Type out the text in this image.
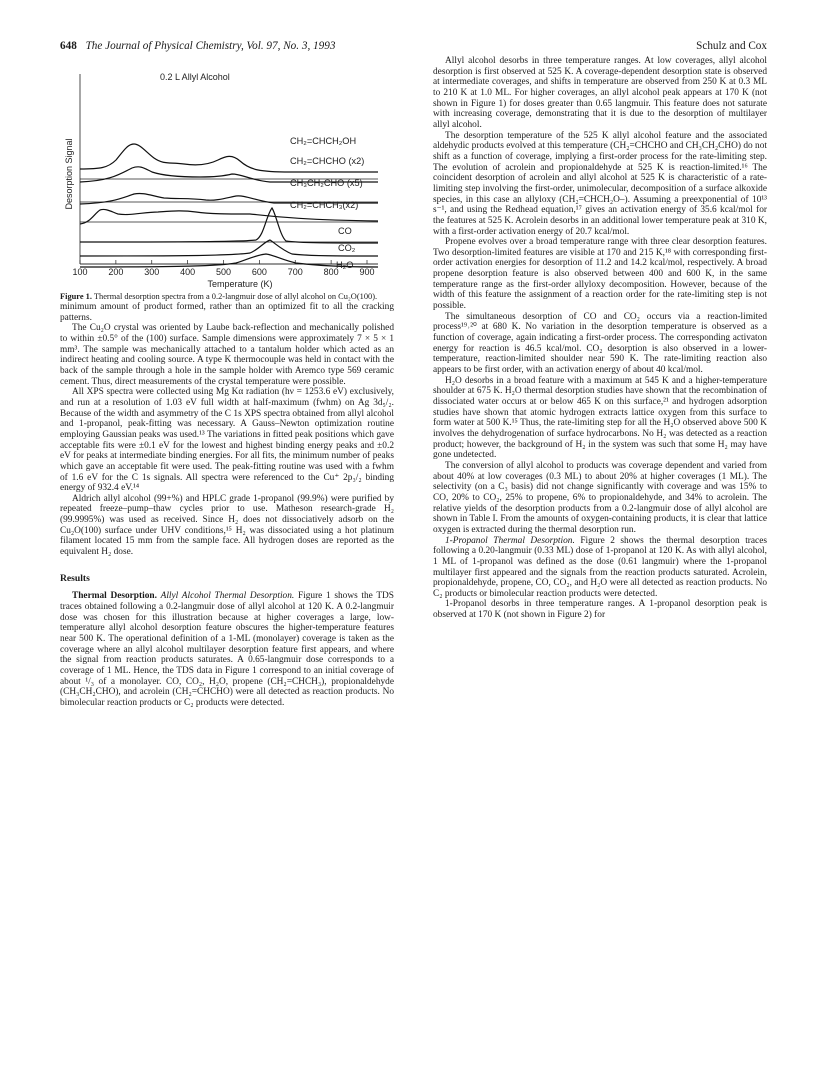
648 The Journal of Physical Chemistry, Vol. 97, No. 3, 1993	Schulz and Cox
100 200 300 400 500 600 700 800 900
Temperature (K)
Desorption Signal
0.2 L Allyl Alcohol
CH₂=CHCH₂OH
CH₂=CHCHO (x2)
CH₃CH₂CHO (x5)
CH₂=CHCH₃(x2)
CO
CO₂
H₂O

Figure 1. Thermal desorption spectra from a 0.2-langmuir dose of allyl alcohol on Cu₂O(100).

minimum amount of product formed, rather than an optimized fit to all the cracking patterns.

The Cu₂O crystal was oriented by Laube back-reflection and mechanically polished to within ±0.5° of the (100) surface. Sample dimensions were approximately 7 × 5 × 1 mm³. The sample was mechanically attached to a tantalum holder which acted as an indirect heating and cooling source. A type K thermocouple was held in contact with the back of the sample through a hole in the sample holder with Aremco type 569 ceramic cement. Thus, direct measurements of the crystal temperature were possible.

All XPS spectra were collected using Mg Kα radiation (hν = 1253.6 eV) exclusively, and run at a resolution of 1.03 eV full width at half-maximum (fwhm) on Ag 3d₅/₂. Because of the width and asymmetry of the C 1s XPS spectra obtained from allyl alcohol and 1-propanol, peak-fitting was necessary. A Gauss–Newton optimization routine employing Gaussian peaks was used.¹³ The variations in fitted peak positions which gave acceptable fits were ±0.1 eV for the lowest and highest binding energy peaks and ±0.2 eV for peaks at intermediate binding energies. For all fits, the minimum number of peaks which gave an acceptable fit were used. The peak-fitting routine was used with a fwhm of 1.6 eV for the C 1s signals. All spectra were referenced to the Cu⁺ 2p₃/₂ binding energy of 932.4 eV.¹⁴

Aldrich allyl alcohol (99+%) and HPLC grade 1-propanol (99.9%) were purified by repeated freeze–pump–thaw cycles prior to use. Matheson research-grade H₂ (99.9995%) was used as received. Since H₂ does not dissociatively adsorb on the Cu₂O(100) surface under UHV conditions,¹⁵ H₂ was dissociated using a hot platinum filament located 15 mm from the sample face. All hydrogen doses are reported as the equivalent H₂ dose.

Results

Thermal Desorption. Allyl Alcohol Thermal Desorption. Figure 1 shows the TDS traces obtained following a 0.2-langmuir dose of allyl alcohol at 120 K. A 0.2-langmuir dose was chosen for this illustration because at higher coverages a large, low-temperature allyl alcohol desorption feature obscures the higher-temperature features near 500 K. The operational definition of a 1-ML (monolayer) coverage is taken as the coverage where an allyl alcohol multilayer desorption feature first appears, and where the signal from reaction products saturates. A 0.65-langmuir dose corresponds to a coverage of 1 ML. Hence, the TDS data in Figure 1 correspond to an initial coverage of about ¹/₃ of a monolayer. CO, CO₂, H₂O, propene (CH₂=CHCH₃), propionaldehyde (CH₃CH₂CHO), and acrolein (CH₂=CHCHO) were all detected as reaction products. No bimolecular reaction products or C₂ products were detected.

Allyl alcohol desorbs in three temperature ranges. At low coverages, allyl alcohol desorption is first observed at 525 K. A coverage-dependent desorption state is observed at intermediate coverages, and shifts in temperature are observed from 250 K at 0.3 ML to 210 K at 1.0 ML. For higher coverages, an allyl alcohol peak appears at 170 K (not shown in Figure 1) for doses greater than 0.65 langmuir. This feature does not saturate with increasing coverage, demonstrating that it is due to the desorption of multilayer allyl alcohol.

The desorption temperature of the 525 K allyl alcohol feature and the associated aldehydic products evolved at this temperature (CH₂=CHCHO and CH₃CH₂CHO) do not shift as a function of coverage, implying a first-order process for the rate-limiting step. The evolution of acrolein and propionaldehyde at 525 K is reaction-limited.¹⁶ The coincident desorption of acrolein and allyl alcohol at 525 K is characteristic of a rate-limiting step involving the first-order, unimolecular, decomposition of a surface alkoxide species, in this case an allyloxy (CH₂=CHCH₂O–). Assuming a preexponential of 10¹³ s⁻¹, and using the Redhead equation,¹⁷ gives an activation energy of 35.6 kcal/mol for the features at 525 K. Acrolein desorbs in an additional lower temperature peak at 310 K, with a first-order activation energy of 20.7 kcal/mol.

Propene evolves over a broad temperature range with three clear desorption features. Two desorption-limited features are visible at 170 and 215 K,¹⁸ with corresponding first-order activation energies for desorption of 11.2 and 14.2 kcal/mol, respectively. A broad propene desorption feature is also observed between 400 and 600 K, in the same temperature range as the first-order allyloxy decomposition. However, because of the width of this feature the assignment of a reaction order for the rate-limiting step is not possible.

The simultaneous desorption of CO and CO₂ occurs via a reaction-limited process¹⁹˒²⁰ at 680 K. No variation in the desorption temperature is observed as a function of coverage, again indicating a first-order process. The corresponding activaton energy for reaction is 46.5 kcal/mol. CO₂ desorption is also observed in a lower-temperature, reaction-limited shoulder near 590 K. The rate-limiting reaction also appears to be first order, with an activation energy of about 40 kcal/mol.

H₂O desorbs in a broad feature with a maximum at 545 K and a higher-temperature shoulder at 675 K. H₂O thermal desorption studies have shown that the recombination of dissociated water occurs at or below 465 K on this surface,²¹ and hydrogen adsorption studies have shown that atomic hydrogen extracts lattice oxygen from this surface to form water at 500 K.¹⁵ Thus, the rate-limiting step for all the H₂O observed above 500 K involves the dehydrogenation of surface hydrocarbons. No H₂ was detected as a reaction product; however, the background of H₂ in the system was such that some H₂ may have gone undetected.

The conversion of allyl alcohol to products was coverage dependent and varied from about 40% at low coverages (0.3 ML) to about 20% at higher coverages (1 ML). The selectivity (on a C₃ basis) did not change significantly with coverage and was 15% to CO, 20% to CO₂, 25% to propene, 6% to propionaldehyde, and 34% to acrolein. The relative yields of the desorption products from a 0.2-langmuir dose of allyl alcohol are shown in Table I. From the amounts of oxygen-containing products, it is clear that lattice oxygen is extracted during the thermal desorption run.

1-Propanol Thermal Desorption. Figure 2 shows the thermal desorption traces following a 0.20-langmuir (0.33 ML) dose of 1-propanol at 120 K. As with allyl alcohol, 1 ML of 1-propanol was defined as the dose (0.61 langmuir) where the 1-propanol multilayer first appeared and the signals from the reaction products saturated. Acrolein, propionaldehyde, propene, CO, CO₂, and H₂O were all detected as reaction products. No C₂ products or bimolecular reaction products were detected.

1-Propanol desorbs in three temperature ranges. A 1-propanol desorption peak is observed at 170 K (not shown in Figure 2) for
